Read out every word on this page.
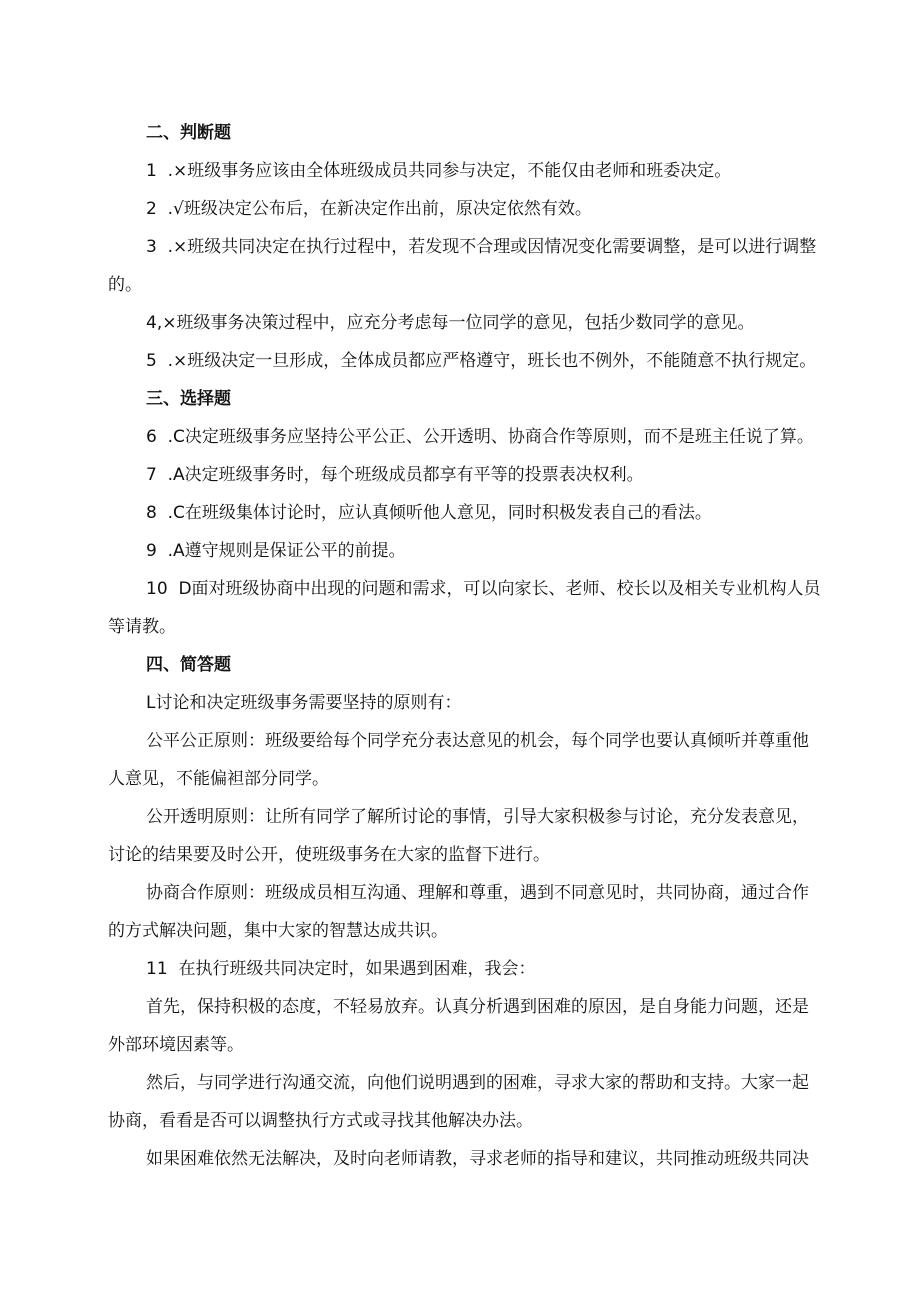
二、判断题

1  .×班级事务应该由全体班级成员共同参与决定，不能仅由老师和班委决定。

2  .√班级决定公布后，在新决定作出前，原决定依然有效。

3  .×班级共同决定在执行过程中，若发现不合理或因情况变化需要调整，是可以进行调整

的。

4,×班级事务决策过程中，应充分考虑每一位同学的意见，包括少数同学的意见。

5  .×班级决定一旦形成，全体成员都应严格遵守，班长也不例外，不能随意不执行规定。

三、选择题

6  .C决定班级事务应坚持公平公正、公开透明、协商合作等原则，而不是班主任说了算。

7  .A决定班级事务时，每个班级成员都享有平等的投票表决权利。

8  .C在班级集体讨论时，应认真倾听他人意见，同时积极发表自己的看法。

9  .A遵守规则是保证公平的前提。

10  D面对班级协商中出现的问题和需求，可以向家长、老师、校长以及相关专业机构人员

等请教。

四、简答题

L讨论和决定班级事务需要坚持的原则有：

公平公正原则：班级要给每个同学充分表达意见的机会，每个同学也要认真倾听并尊重他

人意见，不能偏袒部分同学。

公开透明原则：让所有同学了解所讨论的事情，引导大家积极参与讨论，充分发表意见，

讨论的结果要及时公开，使班级事务在大家的监督下进行。

协商合作原则：班级成员相互沟通、理解和尊重，遇到不同意见时，共同协商，通过合作

的方式解决问题，集中大家的智慧达成共识。

11  在执行班级共同决定时，如果遇到困难，我会：

首先，保持积极的态度，不轻易放弃。认真分析遇到困难的原因，是自身能力问题，还是

外部环境因素等。

然后，与同学进行沟通交流，向他们说明遇到的困难，寻求大家的帮助和支持。大家一起

协商，看看是否可以调整执行方式或寻找其他解决办法。

如果困难依然无法解决，及时向老师请教，寻求老师的指导和建议，共同推动班级共同决
